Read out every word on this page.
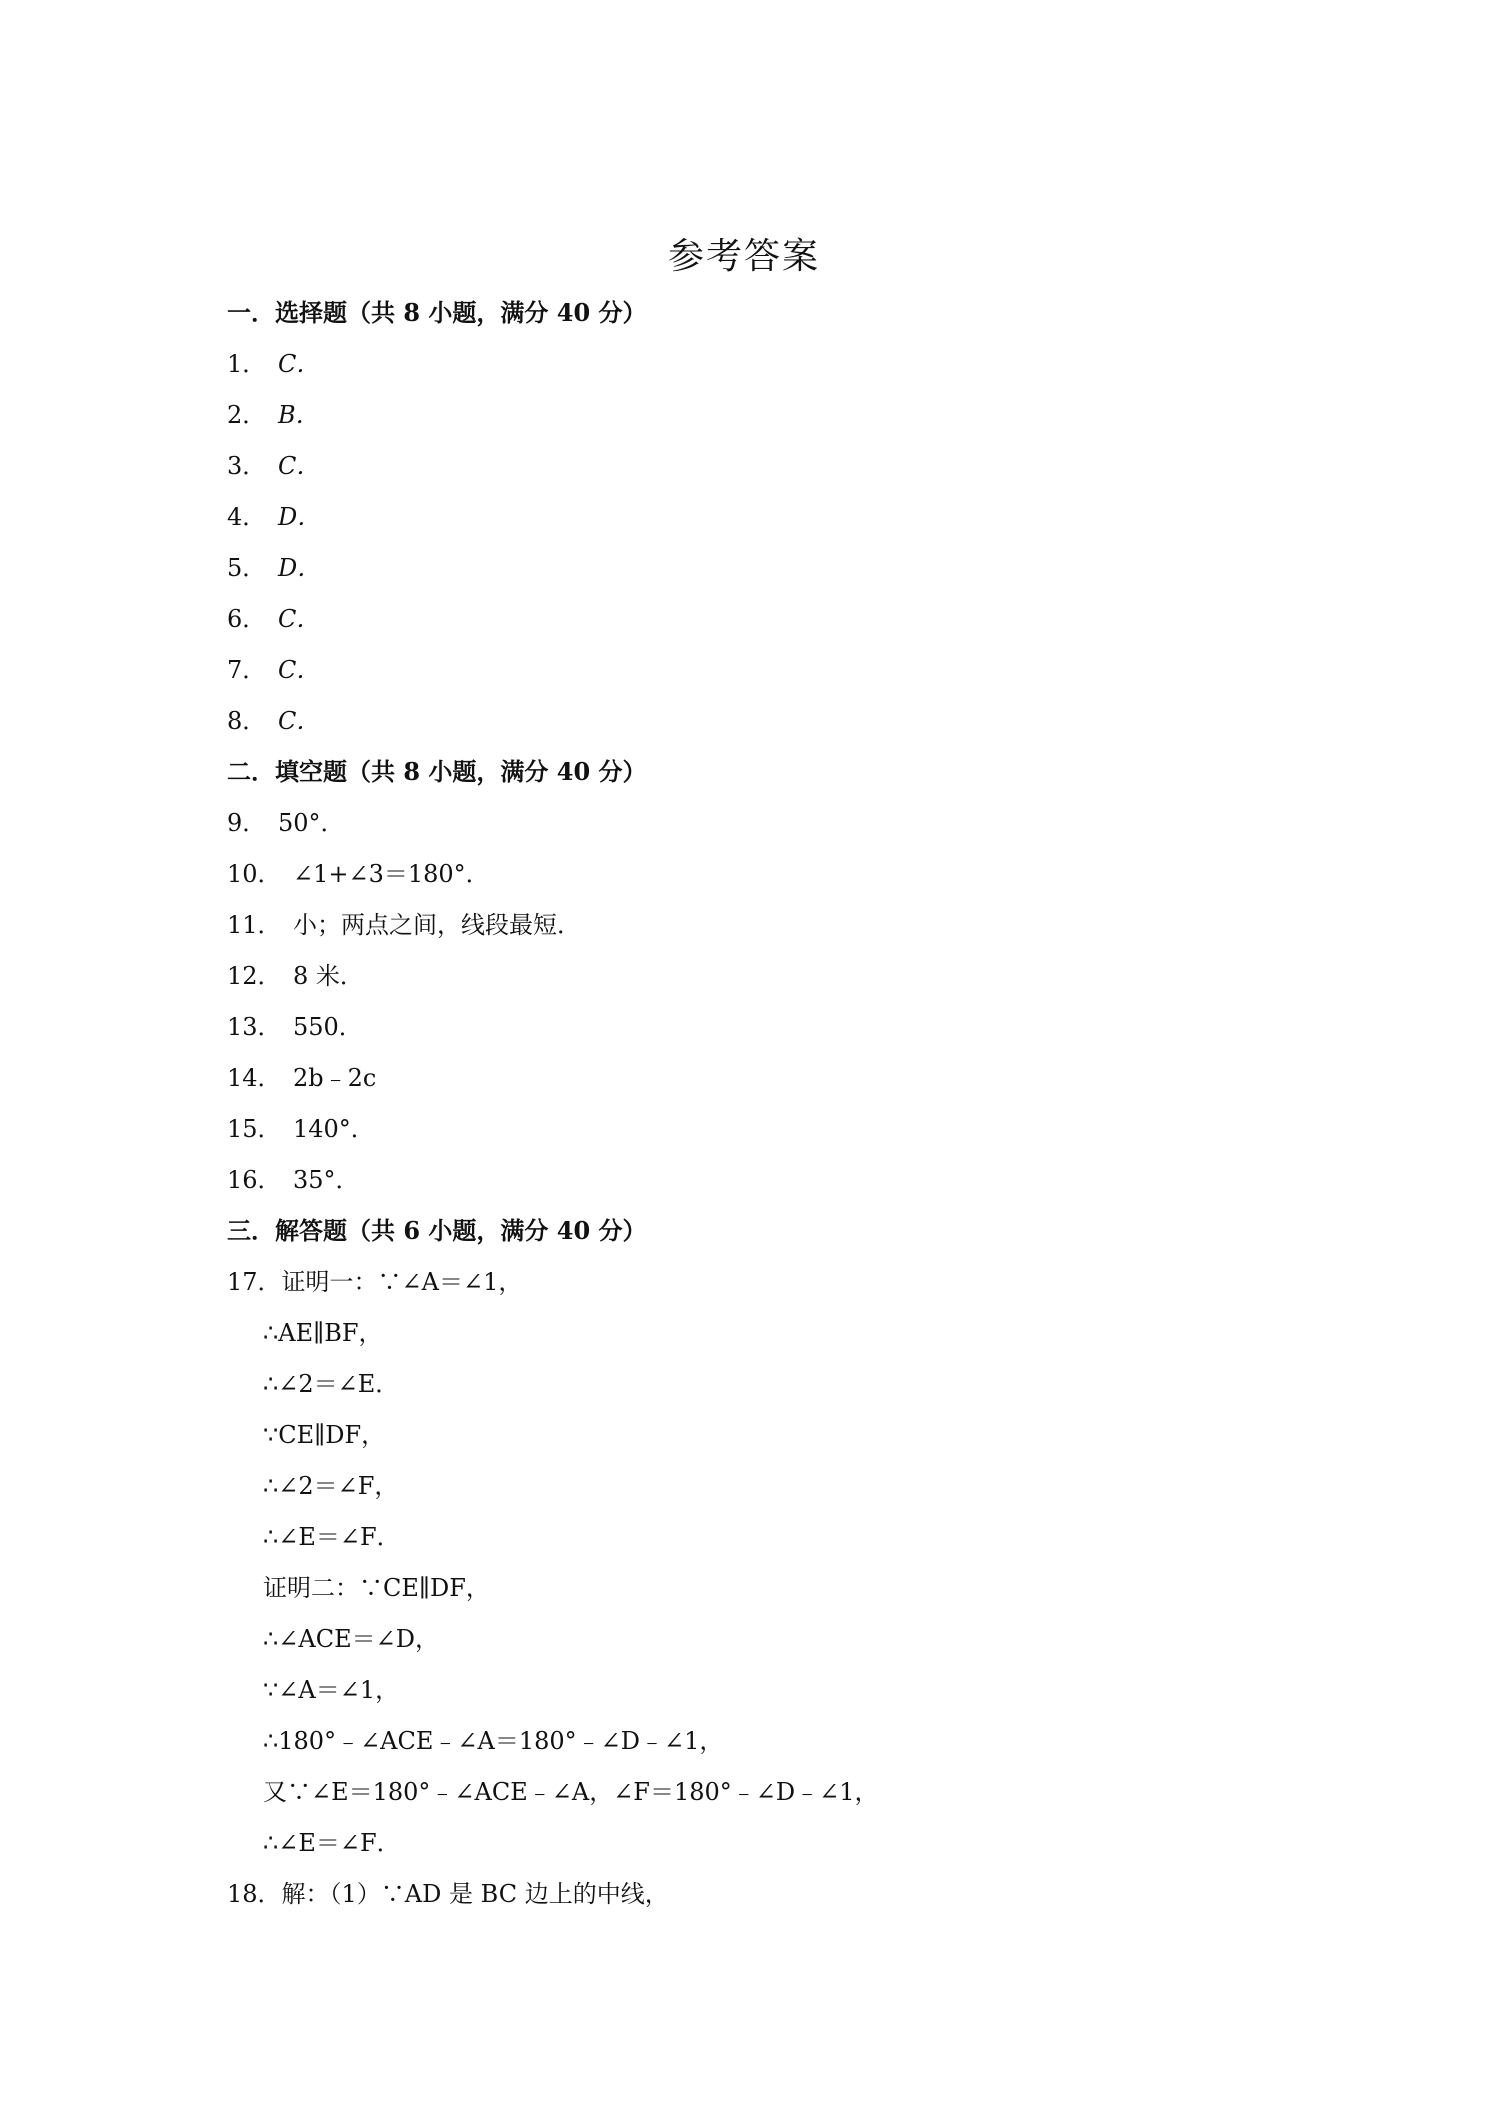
参考答案
一．选择题（共 8 小题，满分 40 分）
1． C．
2． B．
3． C．
4． D．
5． D．
6． C．
7． C．
8． C．
二．填空题（共 8 小题，满分 40 分）
9． 50°．
10． ∠1+∠3＝180°．
11． 小；两点之间，线段最短．
12． 8 米．
13． 550．
14． 2b﹣2c
15． 140°．
16． 35°．
三．解答题（共 6 小题，满分 40 分）
17．证明一：∵∠A＝∠1，
∴AE∥BF，
∴∠2＝∠E．
∵CE∥DF，
∴∠2＝∠F，
∴∠E＝∠F．
证明二：∵CE∥DF，
∴∠ACE＝∠D，
∵∠A＝∠1，
∴180°﹣∠ACE﹣∠A＝180°﹣∠D﹣∠1，
又∵∠E＝180°﹣∠ACE﹣∠A，∠F＝180°﹣∠D﹣∠1，
∴∠E＝∠F．
18．解：（1）∵AD 是 BC 边上的中线，
